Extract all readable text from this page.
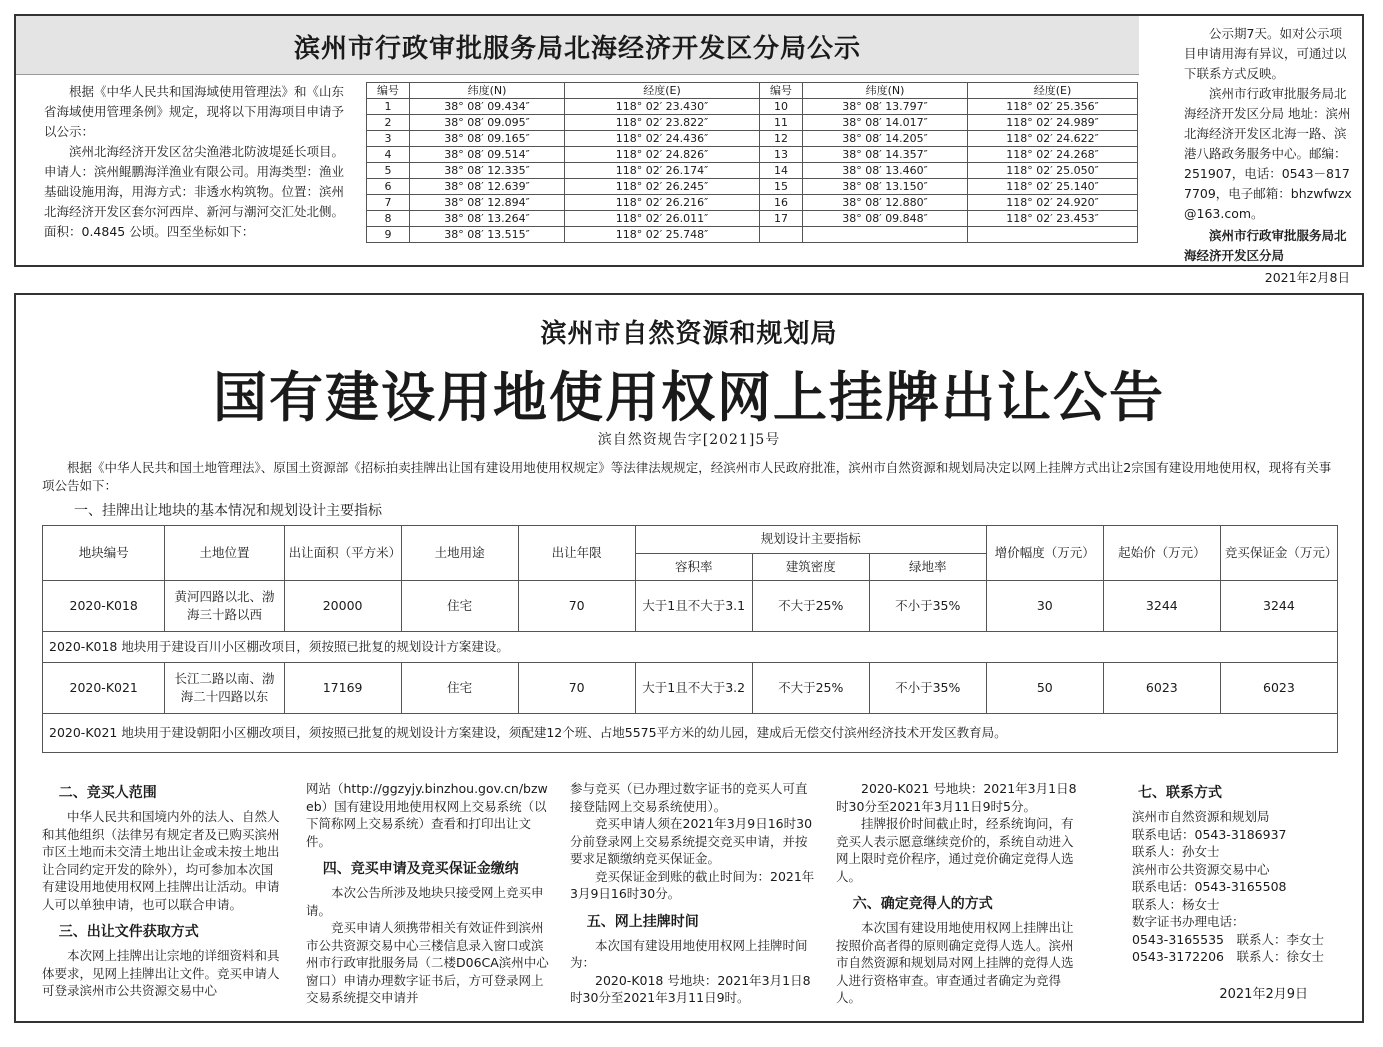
滨州市行政审批服务局北海经济开发区分局公示

根据《中华人民共和国海域使用管理法》和《山东省海域使用管理条例》规定，现将以下用海项目申请予以公示：

滨州北海经济开发区岔尖渔港北防波堤延长项目。申请人：滨州鲲鹏海洋渔业有限公司。用海类型：渔业基础设施用海，用海方式：非透水构筑物。位置：滨州北海经济开发区套尔河西岸、新河与潮河交汇处北侧。面积：0.4845 公顷。四至坐标如下：

编号	纬度(N)	经度(E)	编号	纬度(N)	经度(E)
1	38° 08′ 09.434″	118° 02′ 23.430″	10	38° 08′ 13.797″	118° 02′ 25.356″
2	38° 08′ 09.095″	118° 02′ 23.822″	11	38° 08′ 14.017″	118° 02′ 24.989″
3	38° 08′ 09.165″	118° 02′ 24.436″	12	38° 08′ 14.205″	118° 02′ 24.622″
4	38° 08′ 09.514″	118° 02′ 24.826″	13	38° 08′ 14.357″	118° 02′ 24.268″
5	38° 08′ 12.335″	118° 02′ 26.174″	14	38° 08′ 13.460″	118° 02′ 25.050″
6	38° 08′ 12.639″	118° 02′ 26.245″	15	38° 08′ 13.150″	118° 02′ 25.140″
7	38° 08′ 12.894″	118° 02′ 26.216″	16	38° 08′ 12.880″	118° 02′ 24.920″
8	38° 08′ 13.264″	118° 02′ 26.011″	17	38° 08′ 09.848″	118° 02′ 23.453″
9	38° 08′ 13.515″	118° 02′ 25.748″			

公示期7天。如对公示项目申请用海有异议，可通过以下联系方式反映。

滨州市行政审批服务局北海经济开发区分局 地址：滨州北海经济开发区北海一路、滨港八路政务服务中心。邮编：251907，电话：0543－8177709，电子邮箱：bhzwfwzx@163.com。

滨州市行政审批服务局北海经济开发区分局

2021年2月8日

滨州市自然资源和规划局
国有建设用地使用权网上挂牌出让公告
滨自然资规告字[2021]5号

根据《中华人民共和国土地管理法》、原国土资源部《招标拍卖挂牌出让国有建设用地使用权规定》等法律法规规定，经滨州市人民政府批准，滨州市自然资源和规划局决定以网上挂牌方式出让2宗国有建设用地使用权，现将有关事项公告如下：

一、挂牌出让地块的基本情况和规划设计主要指标
地块编号	土地位置	出让面积（平方米）	土地用途	出让年限	规划设计主要指标			增价幅度（万元）	起始价（万元）	竞买保证金（万元）
					容积率	建筑密度	绿地率			
2020-K018	黄河四路以北、渤海三十路以西	20000	住宅	70	大于1且不大于3.1	不大于25%	不小于35%	30	3244	3244
2020-K018 地块用于建设百川小区棚改项目，须按照已批复的规划设计方案建设。										
2020-K021	长江二路以南、渤海二十四路以东	17169	住宅	70	大于1且不大于3.2	不大于25%	不小于35%	50	6023	6023
2020-K021 地块用于建设朝阳小区棚改项目，须按照已批复的规划设计方案建设，须配建12个班、占地5575平方米的幼儿园，建成后无偿交付滨州经济技术开发区教育局。										
二、竞买人范围

中华人民共和国境内外的法人、自然人和其他组织（法律另有规定者及已购买滨州市区土地而未交清土地出让金或未按土地出让合同约定开发的除外），均可参加本次国有建设用地使用权网上挂牌出让活动。申请人可以单独申请，也可以联合申请。

三、出让文件获取方式

本次网上挂牌出让宗地的详细资料和具体要求，见网上挂牌出让文件。竞买申请人可登录滨州市公共资源交易中心

网站（http://ggzyjy.binzhou.gov.cn/bzweb）国有建设用地使用权网上交易系统（以下简称网上交易系统）查看和打印出让文件。

四、竞买申请及竞买保证金缴纳

本次公告所涉及地块只接受网上竞买申请。

竞买申请人须携带相关有效证件到滨州市公共资源交易中心三楼信息录入窗口或滨州市行政审批服务局（二楼D06CA滨州中心窗口）申请办理数字证书后，方可登录网上交易系统提交申请并

参与竞买（已办理过数字证书的竞买人可直接登陆网上交易系统使用）。

竞买申请人须在2021年3月9日16时30分前登录网上交易系统提交竞买申请，并按要求足额缴纳竞买保证金。

竞买保证金到账的截止时间为：2021年3月9日16时30分。

五、网上挂牌时间

本次国有建设用地使用权网上挂牌时间为：

2020-K018 号地块：2021年3月1日8时30分至2021年3月11日9时。

2020-K021 号地块：2021年3月1日8时30分至2021年3月11日9时5分。

挂牌报价时间截止时，经系统询问，有竞买人表示愿意继续竞价的，系统自动进入网上限时竞价程序，通过竞价确定竞得人选人。

六、确定竞得人的方式

本次国有建设用地使用权网上挂牌出让按照价高者得的原则确定竞得人选人。滨州市自然资源和规划局对网上挂牌的竞得人选人进行资格审查。审查通过者确定为竞得人。

七、联系方式

滨州市自然资源和规划局

联系电话：0543-3186937

联系人：孙女士

滨州市公共资源交易中心

联系电话：0543-3165508

联系人：杨女士

数字证书办理电话：

0543-3165535　联系人：李女士

0543-3172206　联系人：徐女士

2021年2月9日
